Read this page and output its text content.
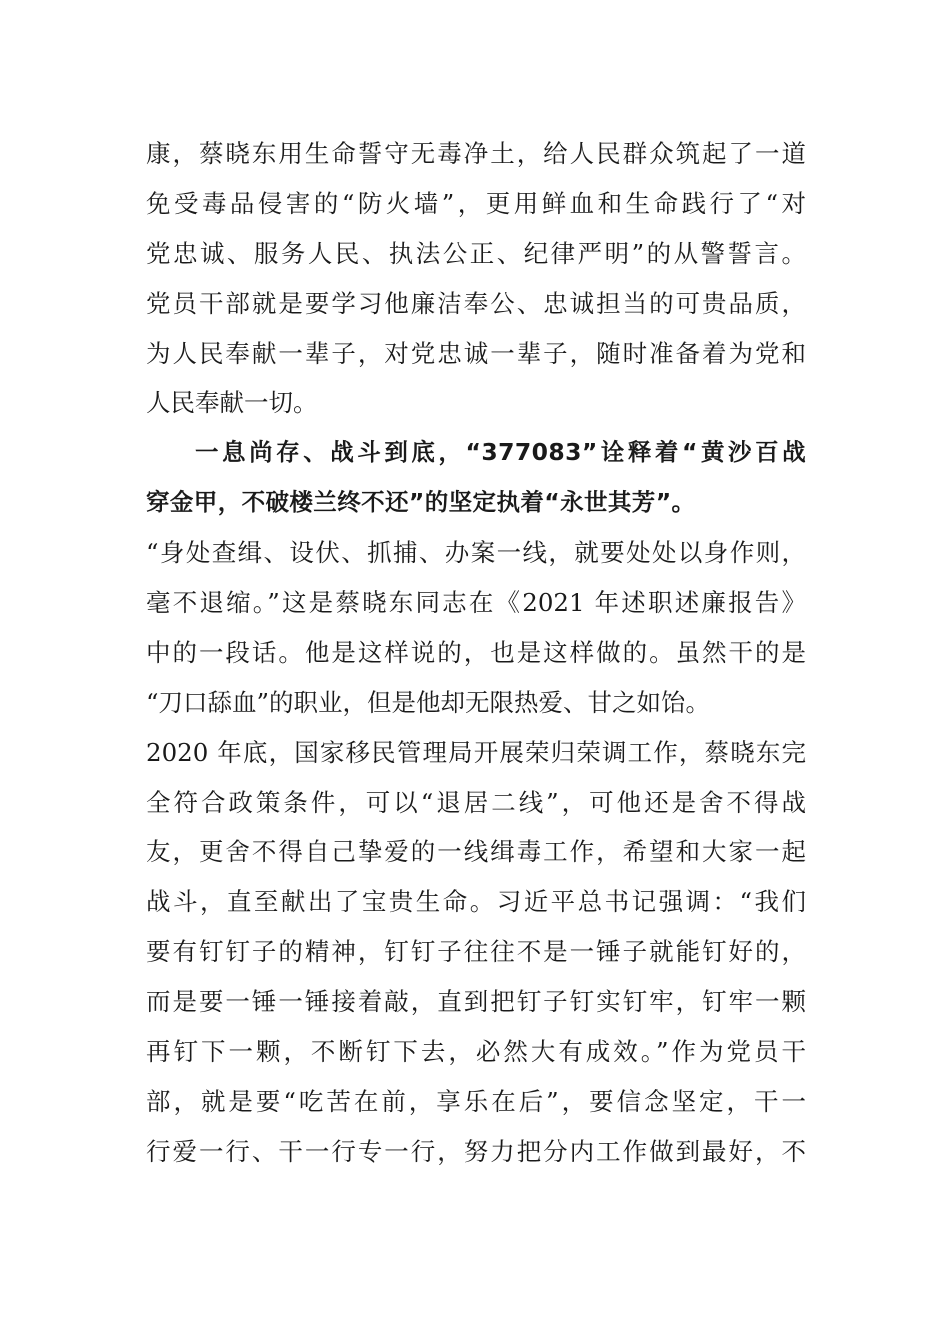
康，蔡晓东用生命誓守无毒净土，给人民群众筑起了一道
免受毒品侵害的“防火墙”，更用鲜血和生命践行了“对
党忠诚、服务人民、执法公正、纪律严明”的从警誓言。
党员干部就是要学习他廉洁奉公、忠诚担当的可贵品质，
为人民奉献一辈子，对党忠诚一辈子，随时准备着为党和
人民奉献一切。
一息尚存、战斗到底，“377083”诠释着“黄沙百战
穿金甲，不破楼兰终不还”的坚定执着“永世其芳”。
“身处查缉、设伏、抓捕、办案一线，就要处处以身作则，
毫不退缩。”这是蔡晓东同志在《2021 年述职述廉报告》
中的一段话。他是这样说的，也是这样做的。虽然干的是
“刀口舔血”的职业，但是他却无限热爱、甘之如饴。
2020 年底，国家移民管理局开展荣归荣调工作，蔡晓东完
全符合政策条件，可以“退居二线”，可他还是舍不得战
友，更舍不得自己挚爱的一线缉毒工作，希望和大家一起
战斗，直至献出了宝贵生命。习近平总书记强调：“我们
要有钉钉子的精神，钉钉子往往不是一锤子就能钉好的，
而是要一锤一锤接着敲，直到把钉子钉实钉牢，钉牢一颗
再钉下一颗，不断钉下去，必然大有成效。”作为党员干
部，就是要“吃苦在前，享乐在后”，要信念坚定，干一
行爱一行、干一行专一行，努力把分内工作做到最好，不
